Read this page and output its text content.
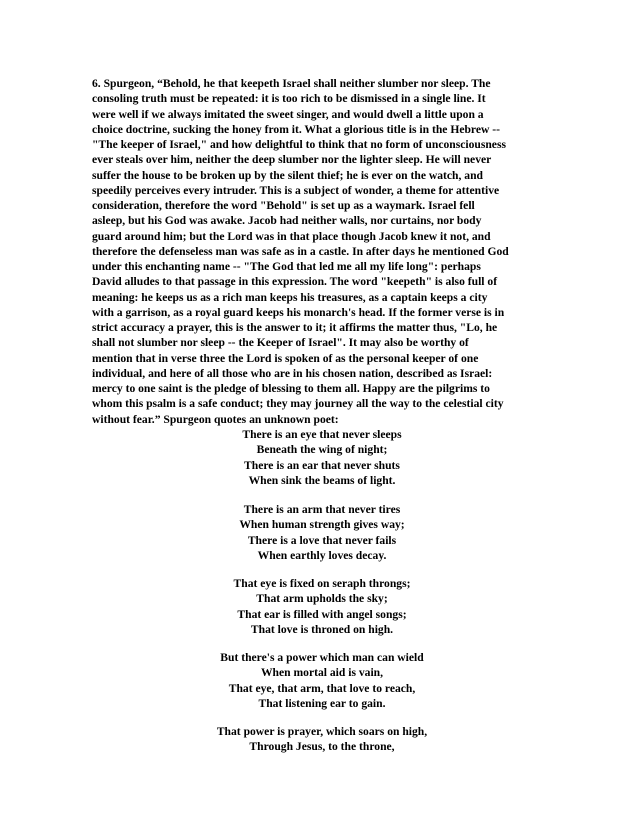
6. Spurgeon, “Behold, he that keepeth Israel shall neither slumber nor sleep. The
consoling truth must be repeated: it is too rich to be dismissed in a single line. It
were well if we always imitated the sweet singer, and would dwell a little upon a
choice doctrine, sucking the honey from it. What a glorious title is in the Hebrew --
"The keeper of Israel," and how delightful to think that no form of unconsciousness
ever steals over him, neither the deep slumber nor the lighter sleep. He will never
suffer the house to be broken up by the silent thief; he is ever on the watch, and
speedily perceives every intruder. This is a subject of wonder, a theme for attentive
consideration, therefore the word "Behold" is set up as a waymark. Israel fell
asleep, but his God was awake. Jacob had neither walls, nor curtains, nor body
guard around him; but the Lord was in that place though Jacob knew it not, and
therefore the defenseless man was safe as in a castle. In after days he mentioned God
under this enchanting name -- "The God that led me all my life long": perhaps
David alludes to that passage in this expression. The word "keepeth" is also full of
meaning: he keeps us as a rich man keeps his treasures, as a captain keeps a city
with a garrison, as a royal guard keeps his monarch's head. If the former verse is in
strict accuracy a prayer, this is the answer to it; it affirms the matter thus, "Lo, he
shall not slumber nor sleep -- the Keeper of Israel". It may also be worthy of
mention that in verse three the Lord is spoken of as the personal keeper of one
individual, and here of all those who are in his chosen nation, described as Israel:
mercy to one saint is the pledge of blessing to them all. Happy are the pilgrims to
whom this psalm is a safe conduct; they may journey all the way to the celestial city
without fear.” Spurgeon quotes an unknown poet:
There is an eye that never sleeps
Beneath the wing of night;
There is an ear that never shuts
When sink the beams of light.
There is an arm that never tires
When human strength gives way;
There is a love that never fails
When earthly loves decay.
That eye is fixed on seraph throngs;
That arm upholds the sky;
That ear is filled with angel songs;
That love is throned on high.
But there's a power which man can wield
When mortal aid is vain,
That eye, that arm, that love to reach,
That listening ear to gain.
That power is prayer, which soars on high,
Through Jesus, to the throne,
